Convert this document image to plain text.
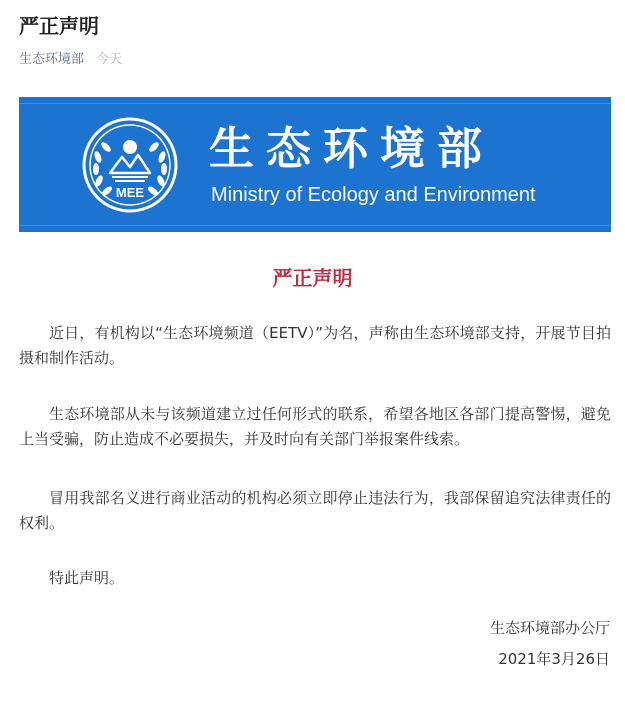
严正声明
生态环境部 今天
MEE
生态环境部
Ministry of Ecology and Environment
严正声明

近日，有机构以“生态环境频道（EETV）”为名，声称由生态环境部支持，开展节目拍摄和制作活动。

生态环境部从未与该频道建立过任何形式的联系，希望各地区各部门提高警惕，避免上当受骗，防止造成不必要损失，并及时向有关部门举报案件线索。

冒用我部名义进行商业活动的机构必须立即停止违法行为，我部保留追究法律责任的权利。

特此声明。

生态环境部办公厅
2021年3月26日
